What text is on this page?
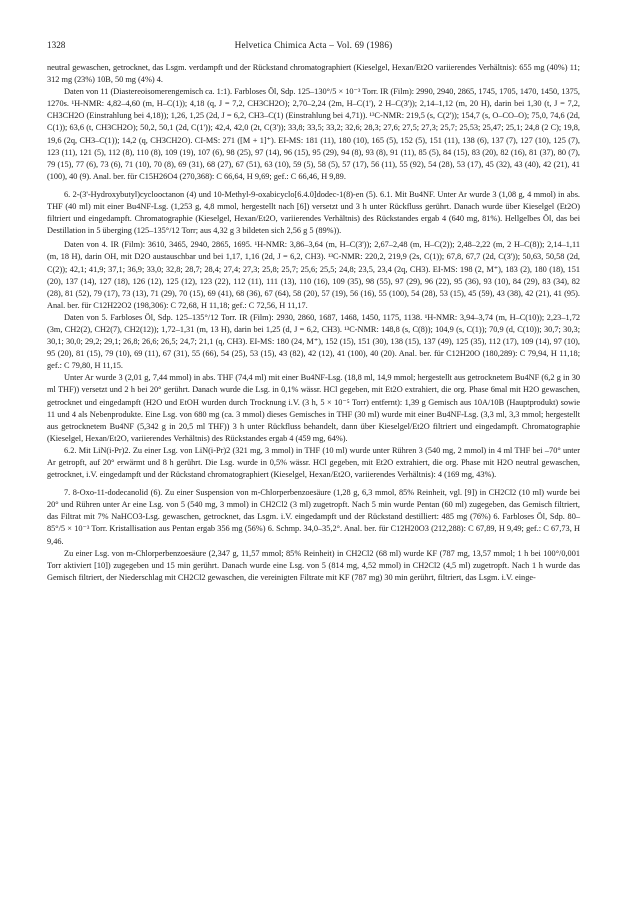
1328	Helvetica Chimica Acta – Vol. 69 (1986)

neutral gewaschen, getrocknet, das Lsgm. verdampft und der Rückstand chromatographiert (Kieselgel, Hexan/Et2O variierendes Verhältnis): 655 mg (40%) 11; 312 mg (23%) 10B, 50 mg (4%) 4.

Daten von 11 (Diastereoisomerengemisch ca. 1:1). Farbloses Öl, Sdp. 125–130°/5 × 10⁻³ Torr. IR (Film): 2990, 2940, 2865, 1745, 1705, 1470, 1450, 1375, 1270s. ¹H-NMR: 4,82–4,60 (m, H–C(1)); 4,18 (q, J = 7,2, CH3CH2O); 2,70–2,24 (2m, H–C(1'), 2 H–C(3')); 2,14–1,12 (m, 20 H), darin bei 1,30 (t, J = 7,2, CH3CH2O (Einstrahlung bei 4,18)); 1,26, 1,25 (2d, J = 6,2, CH3–C(1) (Einstrahlung bei 4,71)). ¹³C-NMR: 219,5 (s, C(2')); 154,7 (s, O–CO–O); 75,0, 74,6 (2d, C(1)); 63,6 (t, CH3CH2O); 50,2, 50,1 (2d, C(1')); 42,4, 42,0 (2t, C(3')); 33,8; 33,5; 33,2; 32,6; 28,3; 27,6; 27,5; 27,3; 25,7; 25,53; 25,47; 25,1; 24,8 (2 C); 19,8, 19,6 (2q, CH3–C(1)); 14,2 (q, CH3CH2O). CI-MS: 271 ([M + 1]⁺). EI-MS: 181 (11), 180 (10), 165 (5), 152 (5), 151 (11), 138 (6), 137 (7), 127 (10), 125 (7), 123 (11), 121 (5), 112 (8), 110 (8), 109 (19), 107 (6), 98 (25), 97 (14), 96 (15), 95 (29), 94 (8), 93 (8), 91 (11), 85 (5), 84 (15), 83 (20), 82 (16), 81 (37), 80 (7), 79 (15), 77 (6), 73 (6), 71 (10), 70 (8), 69 (31), 68 (27), 67 (51), 63 (10), 59 (5), 58 (5), 57 (17), 56 (11), 55 (92), 54 (28), 53 (17), 45 (32), 43 (40), 42 (21), 41 (100), 40 (9). Anal. ber. für C15H26O4 (270,368): C 66,64, H 9,69; gef.: C 66,46, H 9,89.

6. 2-(3'-Hydroxybutyl)cyclooctanon (4) und 10-Methyl-9-oxabicyclo[6.4.0]dodec-1(8)-en (5). 6.1. Mit Bu4NF. Unter Ar wurde 3 (1,08 g, 4 mmol) in abs. THF (40 ml) mit einer Bu4NF-Lsg. (1,253 g, 4,8 mmol, hergestellt nach [6]) versetzt und 3 h unter Rückfluss gerührt. Danach wurde über Kieselgel (Et2O) filtriert und eingedampft. Chromatographie (Kieselgel, Hexan/Et2O, variierendes Verhältnis) des Rückstandes ergab 4 (640 mg, 81%). Hellgelbes Öl, das bei Destillation in 5 überging (125–135°/12 Torr; aus 4,32 g 3 bildeten sich 2,56 g 5 (89%)).

Daten von 4. IR (Film): 3610, 3465, 2940, 2865, 1695. ¹H-NMR: 3,86–3,64 (m, H–C(3')); 2,67–2,48 (m, H–C(2)); 2,48–2,22 (m, 2 H–C(8)); 2,14–1,11 (m, 18 H), darin OH, mit D2O austauschbar und bei 1,17, 1,16 (2d, J = 6,2, CH3). ¹³C-NMR: 220,2, 219,9 (2s, C(1)); 67,8, 67,7 (2d, C(3')); 50,63, 50,58 (2d, C(2)); 42,1; 41,9; 37,1; 36,9; 33,0; 32,8; 28,7; 28,4; 27,4; 27,3; 25,8; 25,7; 25,6; 25,5; 24,8; 23,5, 23,4 (2q, CH3). EI-MS: 198 (2, M⁺), 183 (2), 180 (18), 151 (20), 137 (14), 127 (18), 126 (12), 125 (12), 123 (22), 112 (11), 111 (13), 110 (16), 109 (35), 98 (55), 97 (29), 96 (22), 95 (36), 93 (10), 84 (29), 83 (34), 82 (28), 81 (52), 79 (17), 73 (13), 71 (29), 70 (15), 69 (41), 68 (36), 67 (64), 58 (20), 57 (19), 56 (16), 55 (100), 54 (28), 53 (15), 45 (59), 43 (38), 42 (21), 41 (95). Anal. ber. für C12H22O2 (198,306): C 72,68, H 11,18; gef.: C 72,56, H 11,17.

Daten von 5. Farbloses Öl, Sdp. 125–135°/12 Torr. IR (Film): 2930, 2860, 1687, 1468, 1450, 1175, 1138. ¹H-NMR: 3,94–3,74 (m, H–C(10)); 2,23–1,72 (3m, CH2(2), CH2(7), CH2(12)); 1,72–1,31 (m, 13 H), darin bei 1,25 (d, J = 6,2, CH3). ¹³C-NMR: 148,8 (s, C(8)); 104,9 (s, C(1)); 70,9 (d, C(10)); 30,7; 30,3; 30,1; 30,0; 29,2; 29,1; 26,8; 26,6; 26,5; 24,7; 21,1 (q, CH3). EI-MS: 180 (24, M⁺), 152 (15), 151 (30), 138 (15), 137 (49), 125 (35), 112 (17), 109 (14), 97 (10), 95 (20), 81 (15), 79 (10), 69 (11), 67 (31), 55 (66), 54 (25), 53 (15), 43 (82), 42 (12), 41 (100), 40 (20). Anal. ber. für C12H20O (180,289): C 79,94, H 11,18; gef.: C 79,80, H 11,15.

Unter Ar wurde 3 (2,01 g, 7,44 mmol) in abs. THF (74,4 ml) mit einer Bu4NF-Lsg. (18,8 ml, 14,9 mmol; hergestellt aus getrocknetem Bu4NF (6,2 g in 30 ml THF)) versetzt und 2 h bei 20° gerührt. Danach wurde die Lsg. in 0,1% wässr. HCl gegeben, mit Et2O extrahiert, die org. Phase 6mal mit H2O gewaschen, getrocknet und eingedampft (H2O und EtOH wurden durch Trocknung i.V. (3 h, 5 × 10⁻⁵ Torr) entfernt): 1,39 g Gemisch aus 10A/10B (Hauptprodukt) sowie 11 und 4 als Nebenprodukte. Eine Lsg. von 680 mg (ca. 3 mmol) dieses Gemisches in THF (30 ml) wurde mit einer Bu4NF-Lsg. (3,3 ml, 3,3 mmol; hergestellt aus getrocknetem Bu4NF (5,342 g in 20,5 ml THF)) 3 h unter Rückfluss behandelt, dann über Kieselgel/Et2O filtriert und eingedampft. Chromatographie (Kieselgel, Hexan/Et2O, variierendes Verhältnis) des Rückstandes ergab 4 (459 mg, 64%).

6.2. Mit LiN(i-Pr)2. Zu einer Lsg. von LiN(i-Pr)2 (321 mg, 3 mmol) in THF (10 ml) wurde unter Rühren 3 (540 mg, 2 mmol) in 4 ml THF bei –70° unter Ar getropft, auf 20° erwärmt und 8 h gerührt. Die Lsg. wurde in 0,5% wässr. HCl gegeben, mit Et2O extrahiert, die org. Phase mit H2O neutral gewaschen, getrocknet, i.V. eingedampft und der Rückstand chromatographiert (Kieselgel, Hexan/Et2O, variierendes Verhältnis): 4 (169 mg, 43%).

7. 8-Oxo-11-dodecanolid (6). Zu einer Suspension von m-Chlorperbenzoesäure (1,28 g, 6,3 mmol, 85% Reinheit, vgl. [9]) in CH2Cl2 (10 ml) wurde bei 20° und Rühren unter Ar eine Lsg. von 5 (540 mg, 3 mmol) in CH2Cl2 (3 ml) zugetropft. Nach 5 min wurde Pentan (60 ml) zugegeben, das Gemisch filtriert, das Filtrat mit 7% NaHCO3-Lsg. gewaschen, getrocknet, das Lsgm. i.V. eingedampft und der Rückstand destilliert: 485 mg (76%) 6. Farbloses Öl, Sdp. 80–85°/5 × 10⁻³ Torr. Kristallisation aus Pentan ergab 356 mg (56%) 6. Schmp. 34,0–35,2°. Anal. ber. für C12H20O3 (212,288): C 67,89, H 9,49; gef.: C 67,73, H 9,46.

Zu einer Lsg. von m-Chlorperbenzoesäure (2,347 g, 11,57 mmol; 85% Reinheit) in CH2Cl2 (68 ml) wurde KF (787 mg, 13,57 mmol; 1 h bei 100°/0,001 Torr aktiviert [10]) zugegeben und 15 min gerührt. Danach wurde eine Lsg. von 5 (814 mg, 4,52 mmol) in CH2Cl2 (4,5 ml) zugetropft. Nach 1 h wurde das Gemisch filtriert, der Niederschlag mit CH2Cl2 gewaschen, die vereinigten Filtrate mit KF (787 mg) 30 min gerührt, filtriert, das Lsgm. i.V. einge-
